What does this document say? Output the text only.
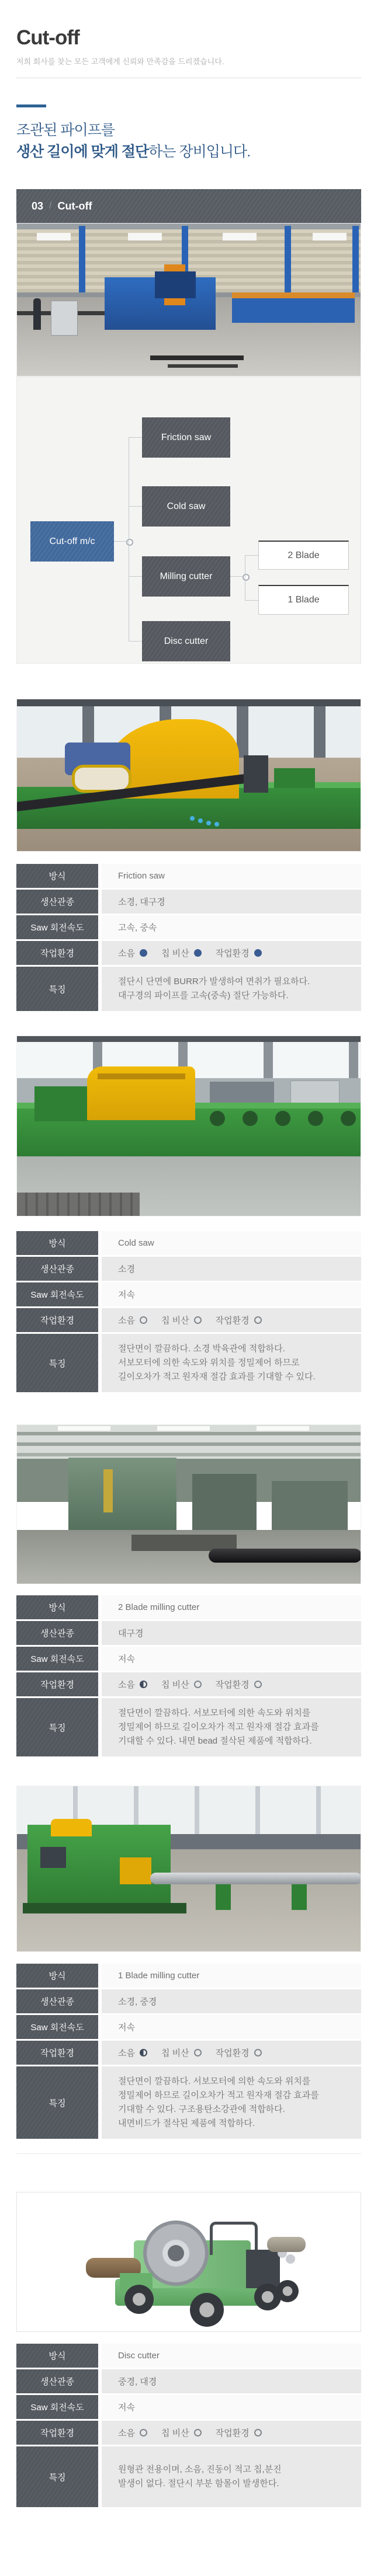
Cut-off
저희 회사를 찾는 모든 고객에게 신뢰와 만족감을 드리겠습니다.
조관된 파이프를
생산 길이에 맞게 절단하는 장비입니다.
03 / Cut-off
Cut-off m/c
Friction saw
Cold saw
Milling cutter
Disc cutter
2 Blade
1 Blade
방식	Friction saw
생산관종	소경, 대구경
Saw 회전속도	고속, 중속
작업환경	소음	칩 비산	작업환경
특징
절단시 단면에 BURR가 발생하여 면취가 필요하다.
대구경의 파이프를 고속(중속) 절단 가능하다.
방식	Cold saw
생산관종	소경
Saw 회전속도	저속
작업환경	소음	칩 비산	작업환경
특징
절단면이 깔끔하다. 소경 박육관에 적합하다.
서보모터에 의한 속도와 위치를 정밀제어 하므로
길이오차가 적고 원자재 절감 효과를 기대할 수 있다.
방식	2 Blade milling cutter
생산관종	대구경
Saw 회전속도	저속
작업환경	소음	칩 비산	작업환경
특징
절단면이 깔끔하다. 서보모터에 의한 속도와 위치를
정밀제어 하므로 길이오차가 적고 원자재 절감 효과를
기대할 수 있다. 내면 bead 절삭된 제품에 적합하다.
방식	1 Blade milling cutter
생산관종	소경, 중경
Saw 회전속도	저속
작업환경	소음	칩 비산	작업환경
특징
절단면이 깔끔하다. 서보모터에 의한 속도와 위치를
정밀제어 하므로 길이오차가 적고 원자재 절감 효과를
기대할 수 있다. 구조용탄소강관에 적합하다.
내면비드가 절삭된 제품에 적합하다.
방식	Disc cutter
생산관종	중경, 대경
Saw 회전속도	저속
작업환경	소음	칩 비산	작업환경
특징
원형관 전용이며, 소음, 진동이 적고 칩,분진
발생이 없다. 절단시 부분 함몰이 발생한다.
